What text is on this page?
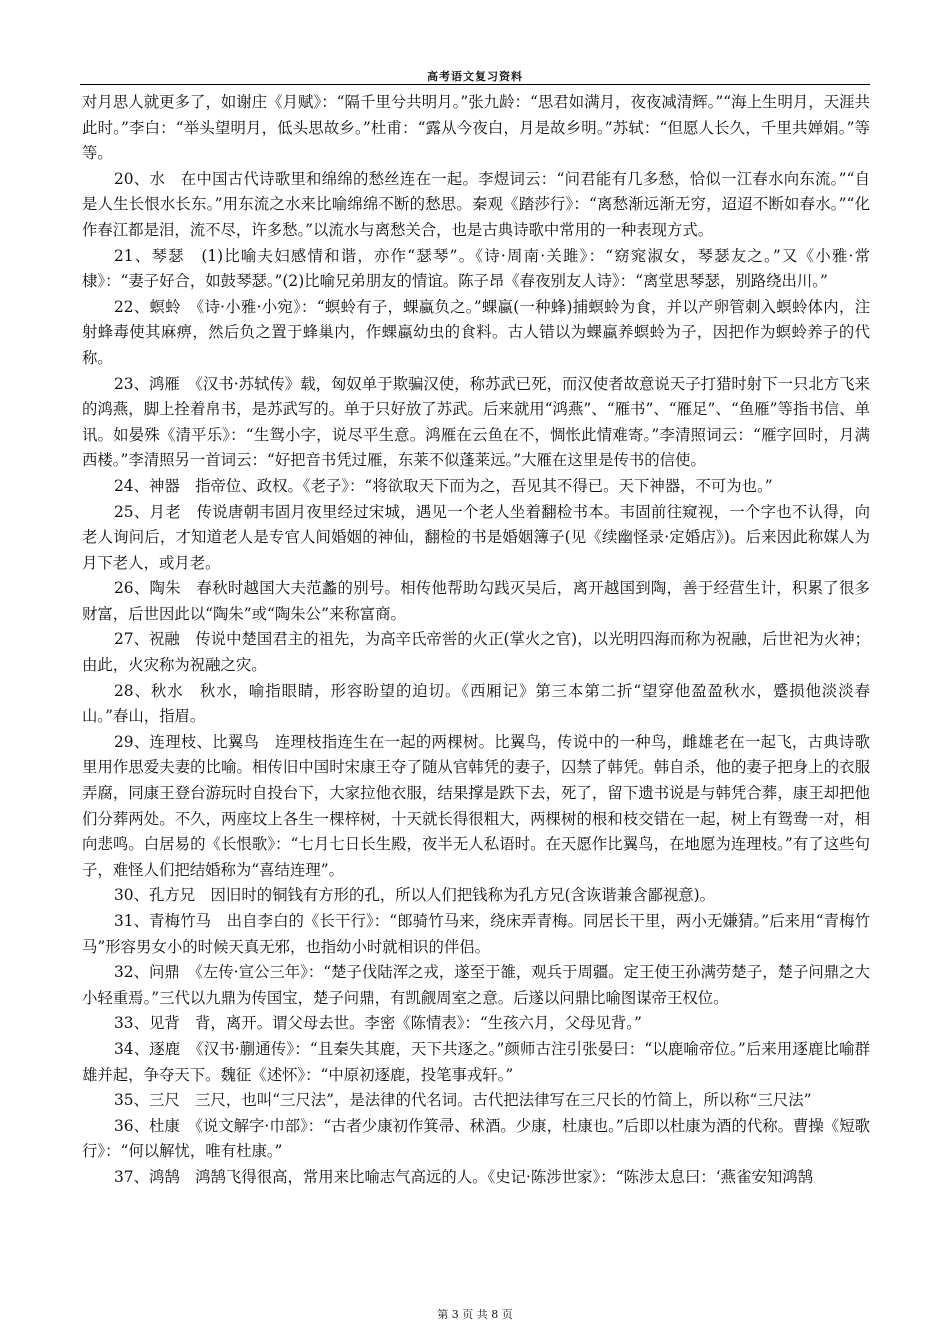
高考语文复习资料

对月思人就更多了，如谢庄《月赋》：“隔千里兮共明月。”张九龄：“思君如满月，夜夜减清辉。”“海上生明月，天涯共此时。”李白：“举头望明月，低头思故乡。”杜甫：“露从今夜白，月是故乡明。”苏轼：“但愿人长久，千里共婵娟。”等等。

20、水　在中国古代诗歌里和绵绵的愁丝连在一起。李煜词云：“问君能有几多愁，恰似一江春水向东流。”“自是人生长恨水长东。”用东流之水来比喻绵绵不断的愁思。秦观《踏莎行》：“离愁渐远渐无穷，迢迢不断如春水。”“化作春江都是泪，流不尽，许多愁。”以流水与离愁关合，也是古典诗歌中常用的一种表现方式。

21、琴瑟　(1)比喻夫妇感情和谐，亦作“瑟琴”。《诗·周南·关雎》：“窈窕淑女，琴瑟友之。”又《小雅·常棣》：“妻子好合，如鼓琴瑟。”(2)比喻兄弟朋友的情谊。陈子昂《春夜别友人诗》：“离堂思琴瑟，别路绕出川。”

22、螟蛉　《诗·小雅·小宛》：“螟蛉有子，蜾蠃负之。”蜾蠃(一种蜂)捕螟蛉为食，并以产卵管刺入螟蛉体内，注射蜂毒使其麻痹，然后负之置于蜂巢内，作蜾蠃幼虫的食料。古人错以为蜾蠃养螟蛉为子，因把作为螟蛉养子的代称。

23、鸿雁　《汉书·苏轼传》载，匈奴单于欺骗汉使，称苏武已死，而汉使者故意说天子打猎时射下一只北方飞来的鸿燕，脚上拴着帛书，是苏武写的。单于只好放了苏武。后来就用“鸿燕”、“雁书”、“雁足”、“鱼雁”等指书信、单讯。如晏殊《清平乐》：“生鸳小字，说尽平生意。鸿雁在云鱼在不，惆怅此情难寄。”李清照词云：“雁字回时，月满西楼。”李清照另一首词云：“好把音书凭过雁，东莱不似蓬莱远。”大雁在这里是传书的信使。

24、神器　指帝位、政权。《老子》：“将欲取天下而为之，吾见其不得已。天下神器，不可为也。”

25、月老　传说唐朝韦固月夜里经过宋城，遇见一个老人坐着翻检书本。韦固前往窥视，一个字也不认得，向老人询问后，才知道老人是专官人间婚姻的神仙，翻检的书是婚姻簿子(见《续幽怪录·定婚店》)。后来因此称媒人为月下老人，或月老。

26、陶朱　春秋时越国大夫范蠡的别号。相传他帮助勾践灭吴后，离开越国到陶，善于经营生计，积累了很多财富，后世因此以“陶朱”或“陶朱公”来称富商。

27、祝融　传说中楚国君主的祖先，为高辛氏帝喾的火正(掌火之官)，以光明四海而称为祝融，后世祀为火神；由此，火灾称为祝融之灾。

28、秋水　秋水，喻指眼睛，形容盼望的迫切。《西厢记》第三本第二折“望穿他盈盈秋水，蹙损他淡淡春山。”春山，指眉。

29、连理枝、比翼鸟　连理枝指连生在一起的两棵树。比翼鸟，传说中的一种鸟，雌雄老在一起飞，古典诗歌里用作思爱夫妻的比喻。相传旧中国时宋康王夺了随从官韩凭的妻子，囚禁了韩凭。韩自杀，他的妻子把身上的衣服弄腐，同康王登台游玩时自投台下，大家拉他衣服，结果撑是跌下去，死了，留下遗书说是与韩凭合葬，康王却把他们分葬两处。不久，两座坟上各生一棵梓树，十天就长得很粗大，两棵树的根和枝交错在一起，树上有鸳鸯一对，相向悲鸣。白居易的《长恨歌》：“七月七日长生殿，夜半无人私语时。在天愿作比翼鸟，在地愿为连理枝。”有了这些句子，难怪人们把结婚称为“喜结连理”。

30、孔方兄　因旧时的铜钱有方形的孔，所以人们把钱称为孔方兄(含诙谐兼含鄙视意)。

31、青梅竹马　出自李白的《长干行》：“郎骑竹马来，绕床弄青梅。同居长干里，两小无嫌猜。”后来用“青梅竹马”形容男女小的时候天真无邪，也指幼小时就相识的伴侣。

32、问鼎　《左传·宣公三年》：“楚子伐陆浑之戎，遂至于雒，观兵于周疆。定王使王孙满劳楚子，楚子问鼎之大小轻重焉。”三代以九鼎为传国宝，楚子问鼎，有凯觎周室之意。后遂以问鼎比喻图谋帝王权位。

33、见背　背，离开。谓父母去世。李密《陈情表》：“生孩六月，父母见背。”

34、逐鹿　《汉书·蒯通传》：“且秦失其鹿，天下共逐之。”颜师古注引张晏曰：“以鹿喻帝位。”后来用逐鹿比喻群雄并起，争夺天下。魏征《述怀》：“中原初逐鹿，投笔事戎轩。”

35、三尺　三尺，也叫“三尺法”，是法律的代名词。古代把法律写在三尺长的竹简上，所以称“三尺法”

36、杜康　《说文解字·巾部》：“古者少康初作箕帚、秫酒。少康，杜康也。”后即以杜康为酒的代称。曹操《短歌行》：“何以解忧，唯有杜康。”

37、鸿鹄　鸿鹄飞得很高，常用来比喻志气高远的人。《史记·陈涉世家》：“陈涉太息曰：‘燕雀安知鸿鹄

第 3 页 共 8 页
